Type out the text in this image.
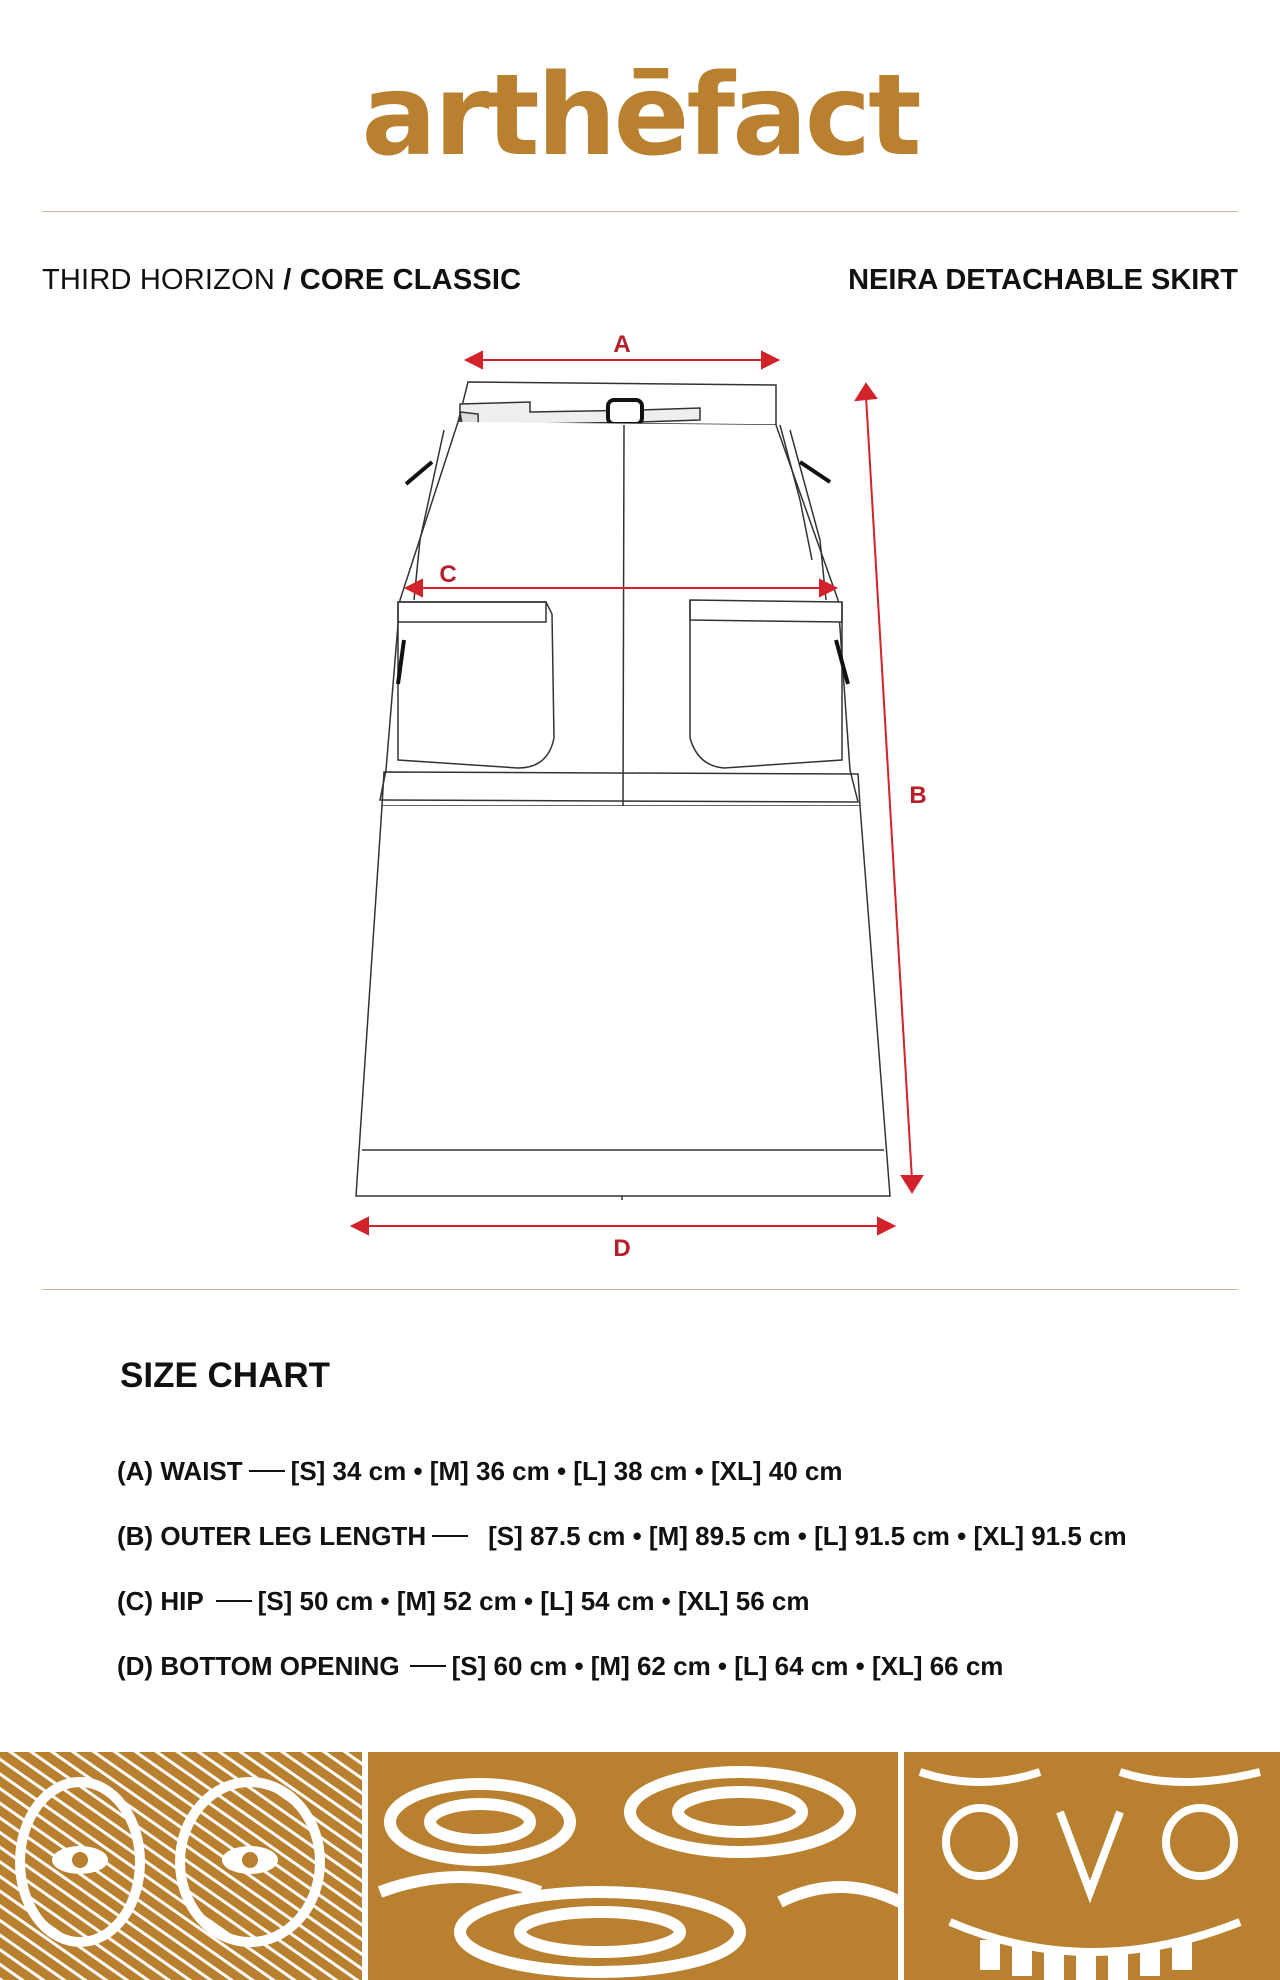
arthēfact
THIRD HORIZON / CORE CLASSIC	NEIRA DETACHABLE SKIRT
A
B
C
D
SIZE CHART
(A) WAIST [S] 34 cm • [M] 36 cm • [L] 38 cm • [XL] 40 cm
(B) OUTER LEG LENGTH [S] 87.5 cm • [M] 89.5 cm • [L] 91.5 cm • [XL] 91.5 cm
(C) HIP [S] 50 cm • [M] 52 cm • [L] 54 cm • [XL] 56 cm
(D) BOTTOM OPENING [S] 60 cm • [M] 62 cm • [L] 64 cm • [XL] 66 cm
